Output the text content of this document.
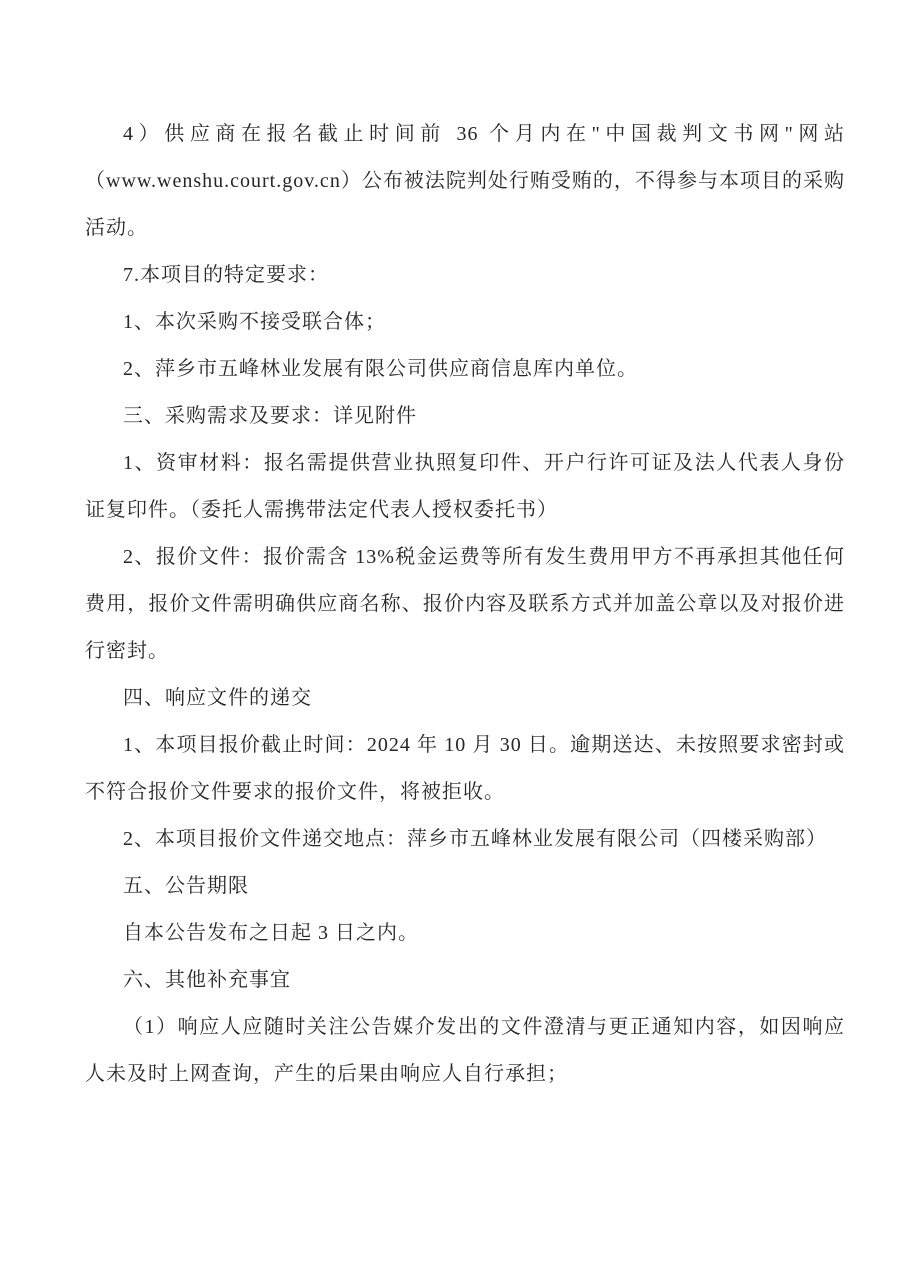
4）供应商在报名截止时间前 36 个月内在"中国裁判文书网"网站（www.wenshu.court.gov.cn）公布被法院判处行贿受贿的，不得参与本项目的采购活动。

7.本项目的特定要求：

1、本次采购不接受联合体；

2、萍乡市五峰林业发展有限公司供应商信息库内单位。

三、采购需求及要求：详见附件

1、资审材料：报名需提供营业执照复印件、开户行许可证及法人代表人身份证复印件。（委托人需携带法定代表人授权委托书）

2、报价文件：报价需含 13%税金运费等所有发生费用甲方不再承担其他任何费用，报价文件需明确供应商名称、报价内容及联系方式并加盖公章以及对报价进行密封。

四、响应文件的递交

1、本项目报价截止时间：2024 年 10 月 30 日。逾期送达、未按照要求密封或不符合报价文件要求的报价文件，将被拒收。

2、本项目报价文件递交地点：萍乡市五峰林业发展有限公司（四楼采购部）

五、公告期限

自本公告发布之日起 3 日之内。

六、其他补充事宜

（1）响应人应随时关注公告媒介发出的文件澄清与更正通知内容，如因响应人未及时上网查询，产生的后果由响应人自行承担；
